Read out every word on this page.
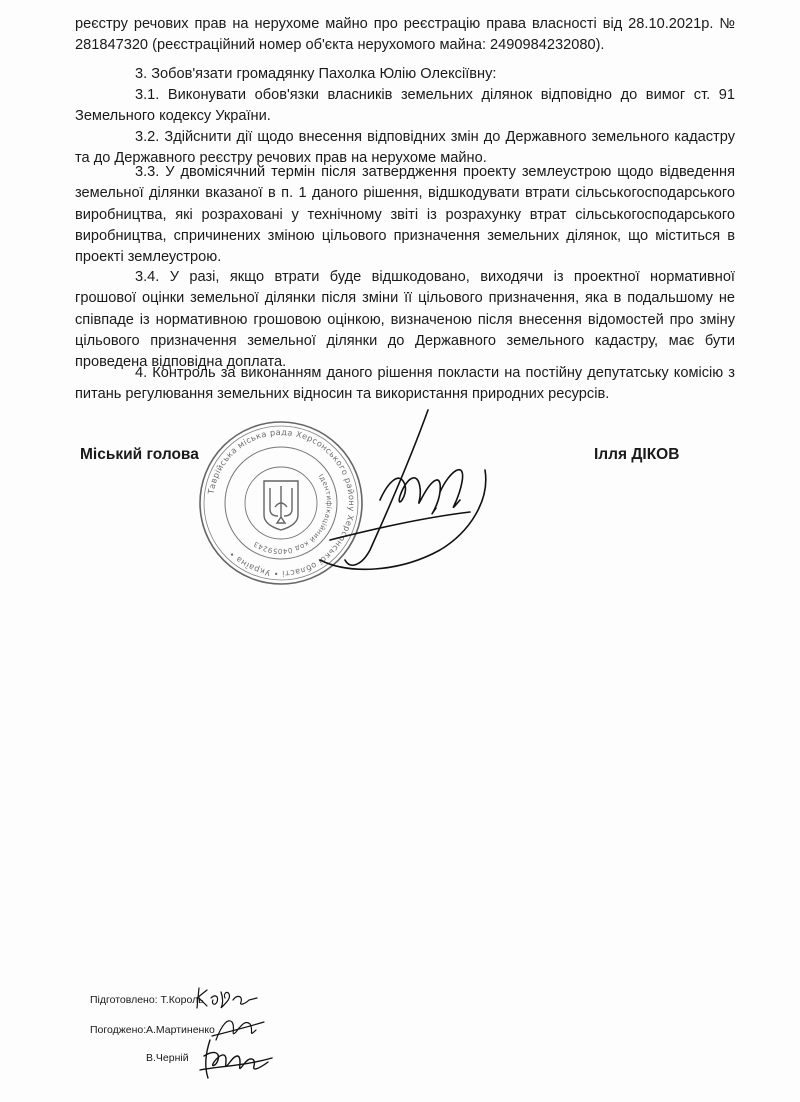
реєстру речових прав на нерухоме майно про реєстрацію права власності від 28.10.2021р. № 281847320 (реєстраційний номер об'єкта нерухомого майна: 2490984232080).

3. Зобов'язати громадянку Пахолка Юлію Олексіївну:

3.1. Виконувати обов'язки власників земельних ділянок відповідно до вимог ст. 91 Земельного кодексу України.

3.2. Здійснити дії щодо внесення відповідних змін до Державного земельного кадастру та до Державного реєстру речових прав на нерухоме майно.

3.3. У двомісячний термін після затвердження проекту землеустрою щодо відведення земельної ділянки вказаної в п. 1 даного рішення, відшкодувати втрати сільськогосподарського виробництва, які розраховані у технічному звіті із розрахунку втрат сільськогосподарського виробництва, спричинених зміною цільового призначення земельних ділянок, що міститься в проекті землеустрою.

3.4. У разі, якщо втрати буде відшкодовано, виходячи із проектної нормативної грошової оцінки земельної ділянки після зміни її цільового призначення, яка в подальшому не співпаде із нормативною грошовою оцінкою, визначеною після внесення відомостей про зміну цільового призначення земельної ділянки до Державного земельного кадастру, має бути проведена відповідна доплата.

4. Контроль за виконанням даного рішення покласти на постійну депутатську комісію з питань регулювання земельних відносин та використання природних ресурсів.

Міський голова	Ілля ДІКОВ

Таврійська міська рада Херсонського району Херсонської області • Україна •
Ідентифікаційний код 04059243

Підготовлено: Т.Король

Погоджено: А.Мартиненко

В.Черній
